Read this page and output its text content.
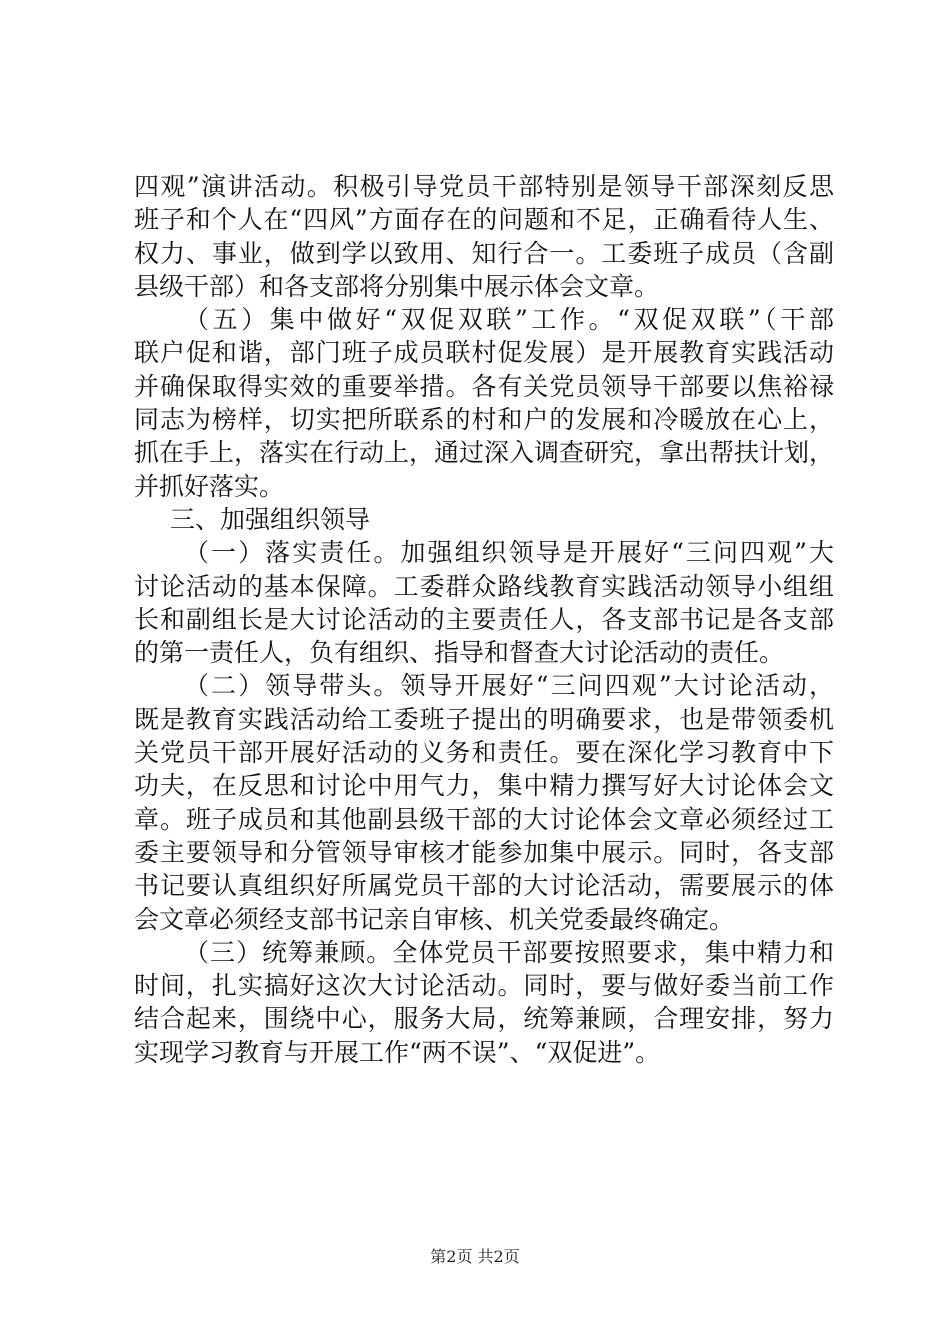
四观”演讲活动。积极引导党员干部特别是领导干部深刻反思
班子和个人在“四风”方面存在的问题和不足，正确看待人生、
权力、事业，做到学以致用、知行合一。工委班子成员（含副
县级干部）和各支部将分别集中展示体会文章。
（五）集中做好“双促双联”工作。“双促双联”（干部
联户促和谐，部门班子成员联村促发展）是开展教育实践活动
并确保取得实效的重要举措。各有关党员领导干部要以焦裕禄
同志为榜样，切实把所联系的村和户的发展和冷暖放在心上，
抓在手上，落实在行动上，通过深入调查研究，拿出帮扶计划，
并抓好落实。
三、加强组织领导
（一）落实责任。加强组织领导是开展好“三问四观”大
讨论活动的基本保障。工委群众路线教育实践活动领导小组组
长和副组长是大讨论活动的主要责任人，各支部书记是各支部
的第一责任人，负有组织、指导和督查大讨论活动的责任。
（二）领导带头。领导开展好“三问四观”大讨论活动，
既是教育实践活动给工委班子提出的明确要求，也是带领委机
关党员干部开展好活动的义务和责任。要在深化学习教育中下
功夫，在反思和讨论中用气力，集中精力撰写好大讨论体会文
章。班子成员和其他副县级干部的大讨论体会文章必须经过工
委主要领导和分管领导审核才能参加集中展示。同时，各支部
书记要认真组织好所属党员干部的大讨论活动，需要展示的体
会文章必须经支部书记亲自审核、机关党委最终确定。
（三）统筹兼顾。全体党员干部要按照要求，集中精力和
时间，扎实搞好这次大讨论活动。同时，要与做好委当前工作
结合起来，围绕中心，服务大局，统筹兼顾，合理安排，努力
实现学习教育与开展工作“两不误”、“双促进”。
第2页 共2页
